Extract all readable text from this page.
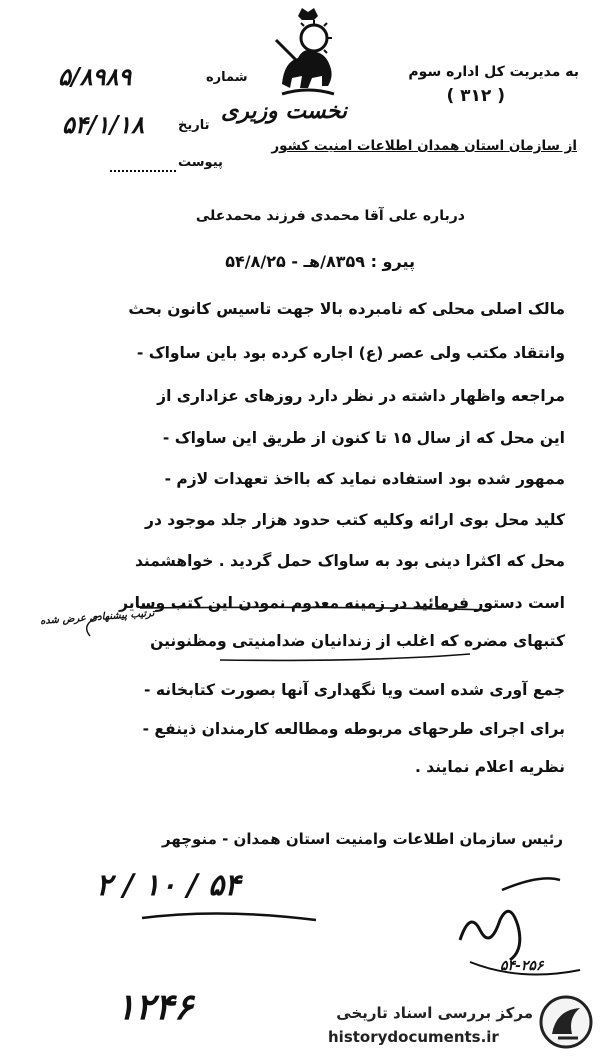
به مدیریت کل اداره سوم
( ۳۱۲ )
نخست وزیری
از سازمان استان همدان اطلاعات امنیت کشور
شماره
۵/۸۹۸۹
تاریخ
۵۴/۱/۱۸
پیوست
درباره علی آقا محمدی فرزند محمدعلی
پیرو : ۸۳۵۹/هـ - ۵۴/۸/۲۵
مالک اصلی محلی که نامبرده بالا جهت تاسیس کانون بحث
وانتقاد مکتب ولی عصر (ع) اجاره کرده بود باین ساواک -
مراجعه واظهار داشته در نظر دارد روزهای عزاداری از
این محل که از سال ۱۵ تا کنون از طریق این ساواک -
ممهور شده بود استفاده نماید که بااخذ تعهدات لازم -
کلید محل بوی ارائه وکلیه کتب حدود هزار جلد موجود در
محل که اکثرا دینی بود به ساواک حمل گردید . خواهشمند
است دستور فرمائید در زمینه معدوم نمودن این کتب وسایر
کتبهای مضره که اغلب از زندانیان ضدامنیتی ومظنونین
جمع آوری شده است ویا نگهداری آنها بصورت کتابخانه -
برای اجرای طرحهای مربوطه ومطالعه کارمندان ذینفع -
نظریه اعلام نمایند .
ترتیب پیشنهادی عرض شده
رئیس سازمان اطلاعات وامنیت استان همدان - منوچهر
۵۴ / ۱۰ / ۲
۵۴-۲۵۶
۱۲۴۶	مرکز بررسی اسناد تاریخی
historydocuments.ir
